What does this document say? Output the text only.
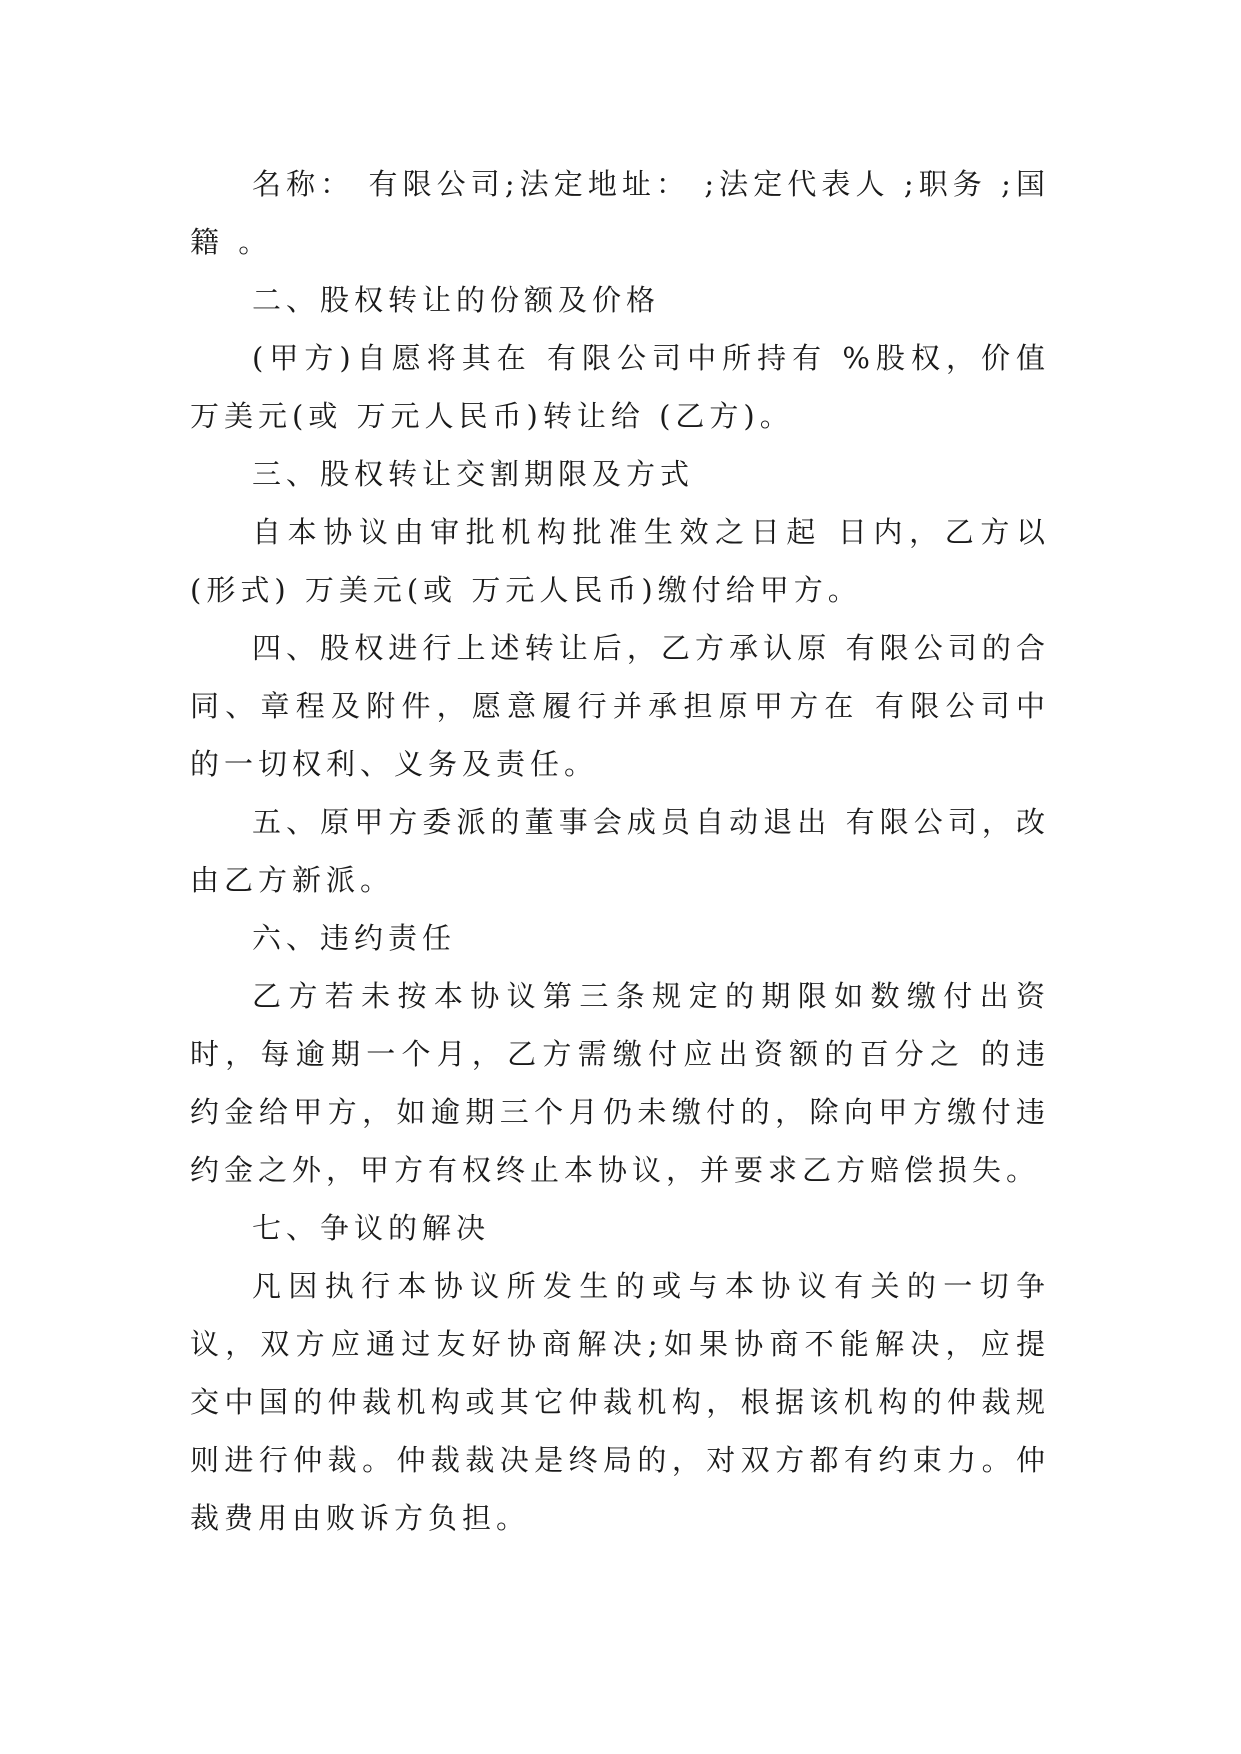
名称： 有限公司;法定地址： ;法定代表人 ;职务 ;国籍 。

二、股权转让的份额及价格

(甲方)自愿将其在 有限公司中所持有 %股权，价值 万美元(或 万元人民币)转让给 (乙方)。

三、股权转让交割期限及方式

自本协议由审批机构批准生效之日起 日内，乙方以(形式) 万美元(或 万元人民币)缴付给甲方。

四、股权进行上述转让后，乙方承认原 有限公司的合同、章程及附件，愿意履行并承担原甲方在 有限公司中的一切权利、义务及责任。

五、原甲方委派的董事会成员自动退出 有限公司，改由乙方新派。

六、违约责任

乙方若未按本协议第三条规定的期限如数缴付出资时，每逾期一个月，乙方需缴付应出资额的百分之 的违约金给甲方，如逾期三个月仍未缴付的，除向甲方缴付违约金之外，甲方有权终止本协议，并要求乙方赔偿损失。

七、争议的解决

凡因执行本协议所发生的或与本协议有关的一切争议，双方应通过友好协商解决;如果协商不能解决，应提交中国的仲裁机构或其它仲裁机构，根据该机构的仲裁规则进行仲裁。仲裁裁决是终局的，对双方都有约束力。仲裁费用由败诉方负担。
